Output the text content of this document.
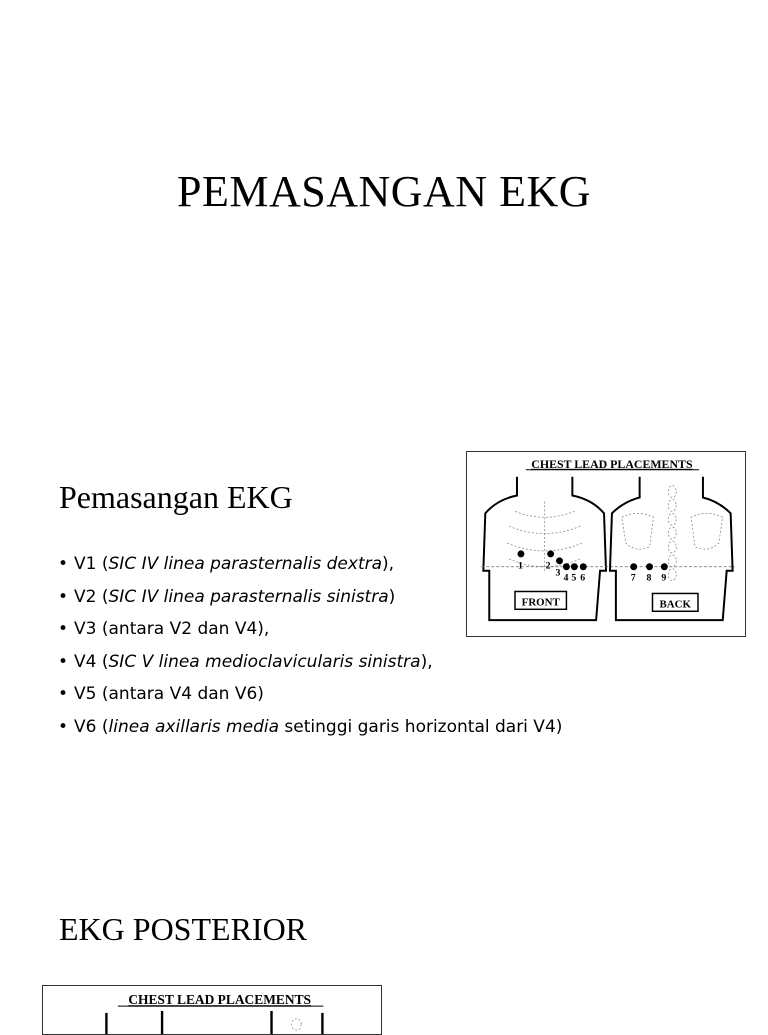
PEMASANGAN EKG
Pemasangan EKG
• V1 (SIC IV linea parasternalis dextra),
• V2 (SIC IV linea parasternalis sinistra)
• V3 (antara V2 dan V4),
• V4 (SIC V linea medioclavicularis sinistra),
• V5 (antara V4 dan V6)
• V6 (linea axillaris media setinggi garis horizontal dari V4)
CHEST LEAD PLACEMENTS
1 2
3 4 5 6	7 8 9
FRONT	BACK
EKG POSTERIOR
CHEST LEAD PLACEMENTS
